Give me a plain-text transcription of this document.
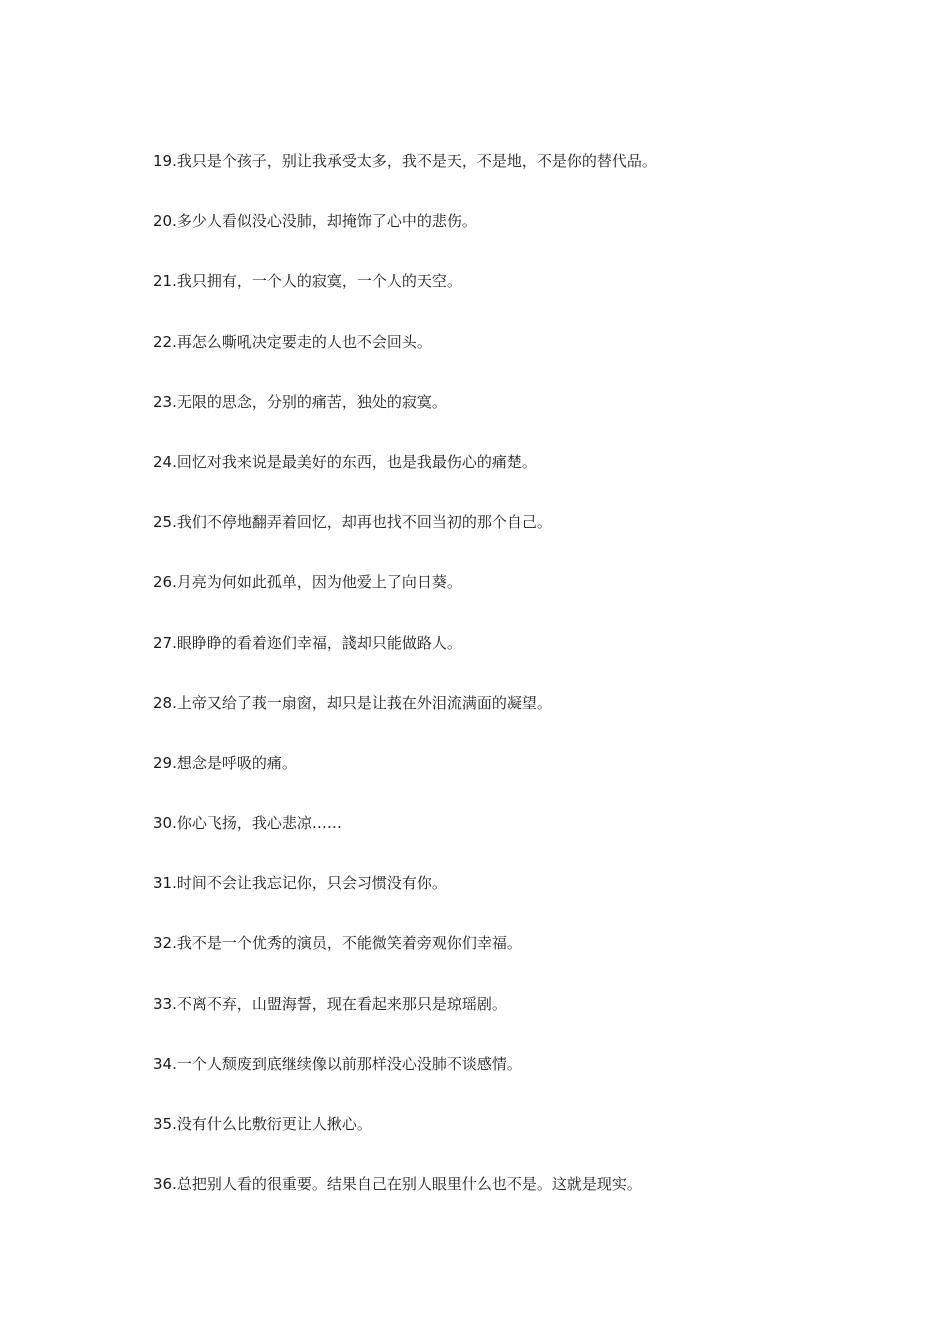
19.我只是个孩子，别让我承受太多，我不是天，不是地，不是你的替代品。
20.多少人看似没心没肺，却掩饰了心中的悲伤。
21.我只拥有，一个人的寂寞，一个人的天空。
22.再怎么嘶吼决定要走的人也不会回头。
23.无限的思念，分别的痛苦，独处的寂寞。
24.回忆对我来说是最美好的东西，也是我最伤心的痛楚。
25.我们不停地翻弄着回忆，却再也找不回当初的那个自己。
26.月亮为何如此孤单，因为他爱上了向日葵。
27.眼睁睁的看着迩们幸福，諓却只能做路人。
28.上帝又给了莪一扇窗，却只是让莪在外泪流满面的凝望。
29.想念是呼吸的痛。
30.你心飞扬，我心悲凉……
31.时间不会让我忘记你，只会习惯没有你。
32.我不是一个优秀的演员，不能微笑着旁观你们幸福。
33.不离不弃，山盟海誓，现在看起来那只是琼瑶剧。
34.一个人颓废到底继续像以前那样没心没肺不谈感情。
35.没有什么比敷衍更让人揪心。
36.总把别人看的很重要。结果自己在别人眼里什么也不是。这就是现实。
